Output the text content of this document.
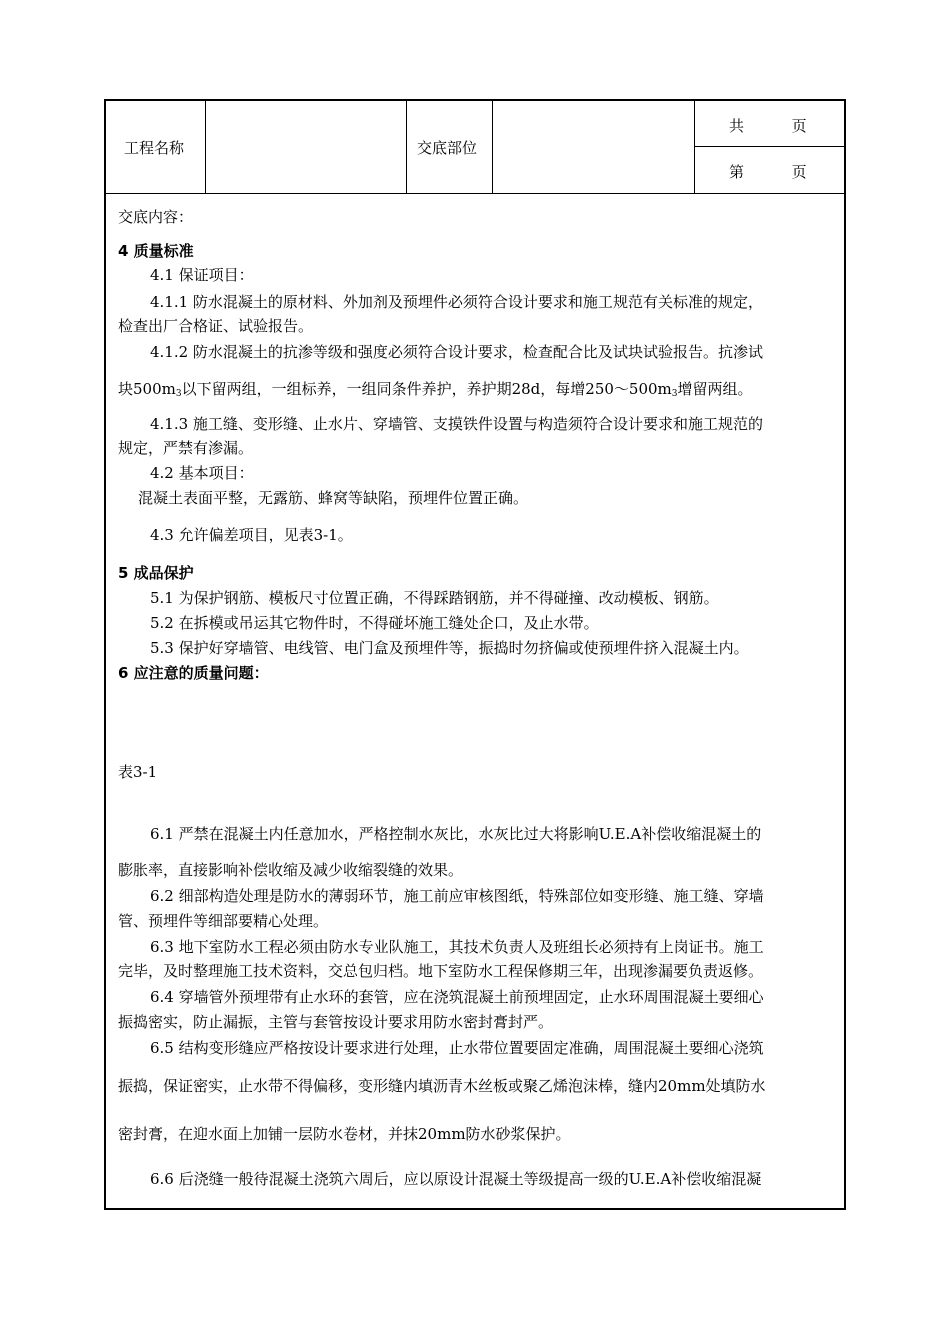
工程名称	交底部位
共          页
第          页
交底内容：
4 质量标准
4.1 保证项目：
4.1.1 防水混凝土的原材料、外加剂及预埋件必须符合设计要求和施工规范有关标准的规定，
检查出厂合格证、试验报告。
4.1.2 防水混凝土的抗渗等级和强度必须符合设计要求，检查配合比及试块试验报告。抗渗试
块$500m_3$以下留两组，一组标养，一组同条件养护，养护期28d，每增$250\sim 500m_3$增留两组。
4.1.3 施工缝、变形缝、止水片、穿墙管、支摸铁件设置与构造须符合设计要求和施工规范的
规定，严禁有渗漏。
4.2 基本项目：
混凝土表面平整，无露筋、蜂窝等缺陷，预埋件位置正确。
4.3 允许偏差项目，见表3-1。
5 成品保护
5.1 为保护钢筋、模板尺寸位置正确，不得踩踏钢筋，并不得碰撞、改动模板、钢筋。
5.2 在拆模或吊运其它物件时，不得碰坏施工缝处企口，及止水带。
5.3 保护好穿墙管、电线管、电门盒及预埋件等，振捣时勿挤偏或使预埋件挤入混凝土内。
6 应注意的质量问题：
表3-1
6.1 严禁在混凝土内任意加水，严格控制水灰比，水灰比过大将影响U.E.A补偿收缩混凝土的
膨胀率，直接影响补偿收缩及减少收缩裂缝的效果。
6.2 细部构造处理是防水的薄弱环节，施工前应审核图纸，特殊部位如变形缝、施工缝、穿墙
管、预埋件等细部要精心处理。
6.3 地下室防水工程必须由防水专业队施工，其技术负责人及班组长必须持有上岗证书。施工
完毕，及时整理施工技术资料，交总包归档。地下室防水工程保修期三年，出现渗漏要负责返修。
6.4 穿墙管外预埋带有止水环的套管，应在浇筑混凝土前预埋固定，止水环周围混凝土要细心
振捣密实，防止漏振，主管与套管按设计要求用防水密封膏封严。
6.5 结构变形缝应严格按设计要求进行处理，止水带位置要固定准确，周围混凝土要细心浇筑
振捣，保证密实，止水带不得偏移，变形缝内填沥青木丝板或聚乙烯泡沫棒，缝内20mm处填防水
密封膏，在迎水面上加铺一层防水卷材，并抹20mm防水砂浆保护。
6.6 后浇缝一般待混凝土浇筑六周后，应以原设计混凝土等级提高一级的U.E.A补偿收缩混凝
